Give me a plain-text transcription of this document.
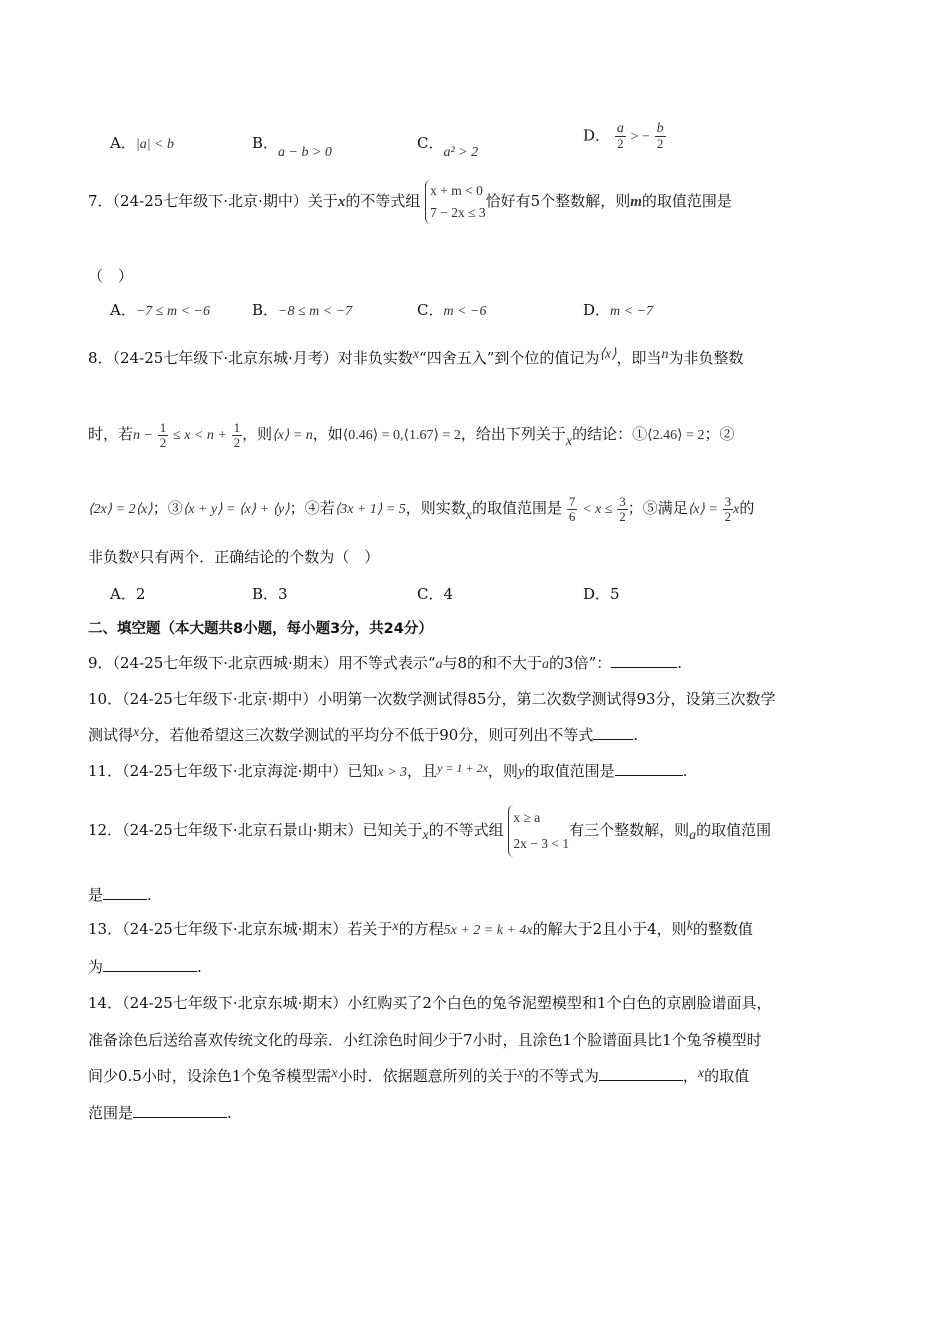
A．|a| < b	B．a − b > 0
C．a² > 2
D． $\frac{a}{2}$ > − $\frac{b}{2}$
7．（24-25七年级下·北京·期中）关于x的不等式组
x + m < 0
7 − 2x ≤ 3
恰好有5个整数解，则m的取值范围是
（　）
A．−7 ≤ m < −6	B．−8 ≤ m < −7	C．m < −6	D．m < −7
8．（24-25七年级下·北京东城·月考）对非负实数x“四舍五入”到个位的值记为⟨x⟩，即当n为非负整数
时，若$n - \frac{1}{2} \le x < n + \frac{1}{2}$ ，则⟨x⟩ = n，如⟨0.46⟩ = 0,⟨1.67⟩ = 2，给出下列关于x的结论：①⟨2.46⟩ = 2；②
⟨2x⟩ = 2⟨x⟩；③⟨x + y⟩ = ⟨x⟩ + ⟨y⟩；④若⟨3x + 1⟩ = 5，则实数x的取值范围是 $\frac{7}{6} < x \le \frac{3}{2}$ ；⑤满足⟨x⟩ = $\frac{3}{2}$ x的
非负数x只有两个．正确结论的个数为（　）
A．2	B．3	C．4	D．5
二、填空题（本大题共8小题，每小题3分，共24分）
9．（24-25七年级下·北京西城·期末）用不等式表示“a与8的和不大于a的3倍”：	.
10．（24-25七年级下·北京·期中）小明第一次数学测试得85分，第二次数学测试得93分，设第三次数学
测试得x分，若他希望这三次数学测试的平均分不低于90分，则可列出不等式	.
11．（24-25七年级下·北京海淀·期中）已知x > 3，且$^{y = 1 + 2x}$，则y的取值范围是	.
12．（24-25七年级下·北京石景山·期末）已知关于x的不等式组
x ≥ a
2x − 3 < 1
有三个整数解，则a的取值范围
是	.
13．（24-25七年级下·北京东城·期末）若关于x的方程5x + 2 = k + 4x的解大于2且小于4，则k的整数值
为	.
14．（24-25七年级下·北京东城·期末）小红购买了2个白色的兔爷泥塑模型和1个白色的京剧脸谱面具，
准备涂色后送给喜欢传统文化的母亲．小红涂色时间少于7小时，且涂色1个脸谱面具比1个兔爷模型时
间少0.5小时，设涂色1个兔爷模型需x小时．依据题意所列的关于x的不等式为	，x的取值
范围是	.
